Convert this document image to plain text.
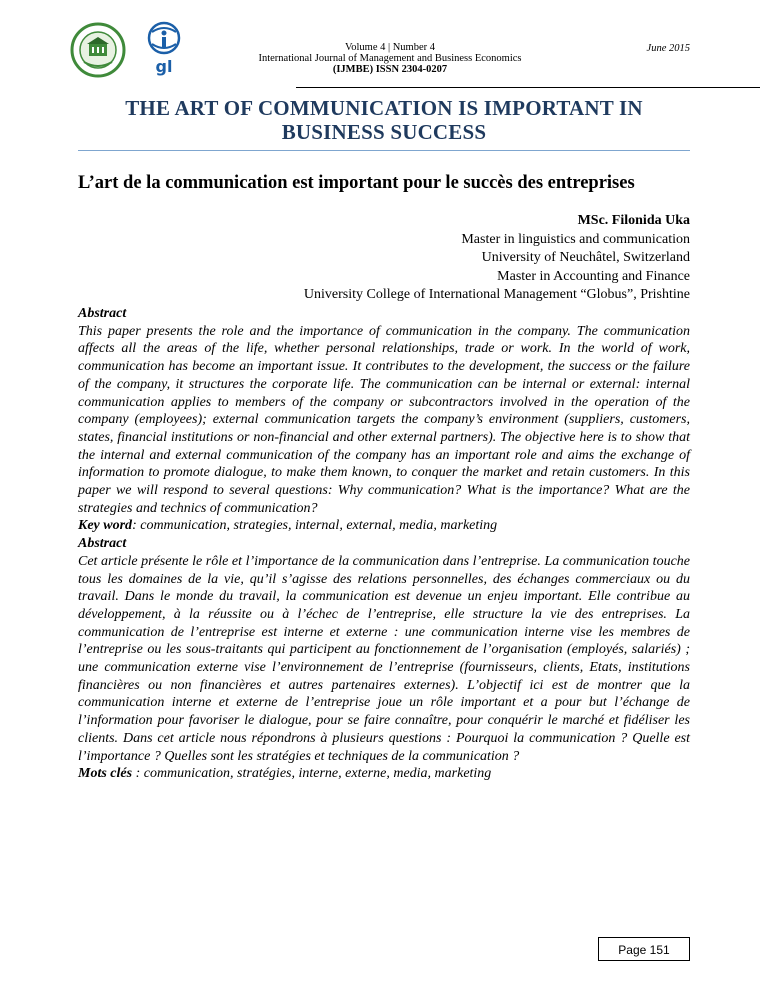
gl
Volume 4 | Number 4
International Journal of Management and Business Economics
(IJMBE) ISSN 2304-0207
June 2015
THE ART OF COMMUNICATION IS IMPORTANT IN BUSINESS SUCCESS
L’art de la communication est important pour le succès des entreprises
MSc. Filonida Uka
Master in linguistics and communication
University of Neuchâtel, Switzerland
Master in Accounting and Finance
University College of International Management “Globus”, Prishtine

Abstract

This paper presents the role and the importance of communication in the company. The communication affects all the areas of the life, whether personal relationships, trade or work. In the world of work, communication has become an important issue. It contributes to the development, the success or the failure of the company, it structures the corporate life. The communication can be internal or external: internal communication applies to members of the company or subcontractors involved in the operation of the company (employees); external communication targets the company’s environment (suppliers, customers, states, financial institutions or non-financial and other external partners). The objective here is to show that the internal and external communication of the company has an important role and aims the exchange of information to promote dialogue, to make them known, to conquer the market and retain customers. In this paper we will respond to several questions: Why communication? What is the importance? What are the strategies and technics of communication?

Key word: communication, strategies, internal, external, media, marketing

Abstract

Cet article présente le rôle et l’importance de la communication dans l’entreprise. La communication touche tous les domaines de la vie, qu’il s’agisse des relations personnelles, des échanges commerciaux ou du travail. Dans le monde du travail, la communication est devenue un enjeu important. Elle contribue au développement, à la réussite ou à l’échec de l’entreprise, elle structure la vie des entreprises. La communication de l’entreprise est interne et externe : une communication interne vise les membres de l’entreprise ou les sous-traitants qui participent au fonctionnement de l’organisation (employés, salariés) ; une communication externe vise l’environnement de l’entreprise (fournisseurs, clients, Etats, institutions financières ou non financières et autres partenaires externes). L’objectif ici est de montrer que la communication interne et externe de l’entreprise joue un rôle important et a pour but l’échange de l’information pour favoriser le dialogue, pour se faire connaître, pour conquérir le marché et fidéliser les clients. Dans cet article nous répondrons à plusieurs questions : Pourquoi la communication ? Quelle est l’importance ? Quelles sont les stratégies et techniques de la communication ?

Mots clés : communication, stratégies, interne, externe, media, marketing

Page 151
